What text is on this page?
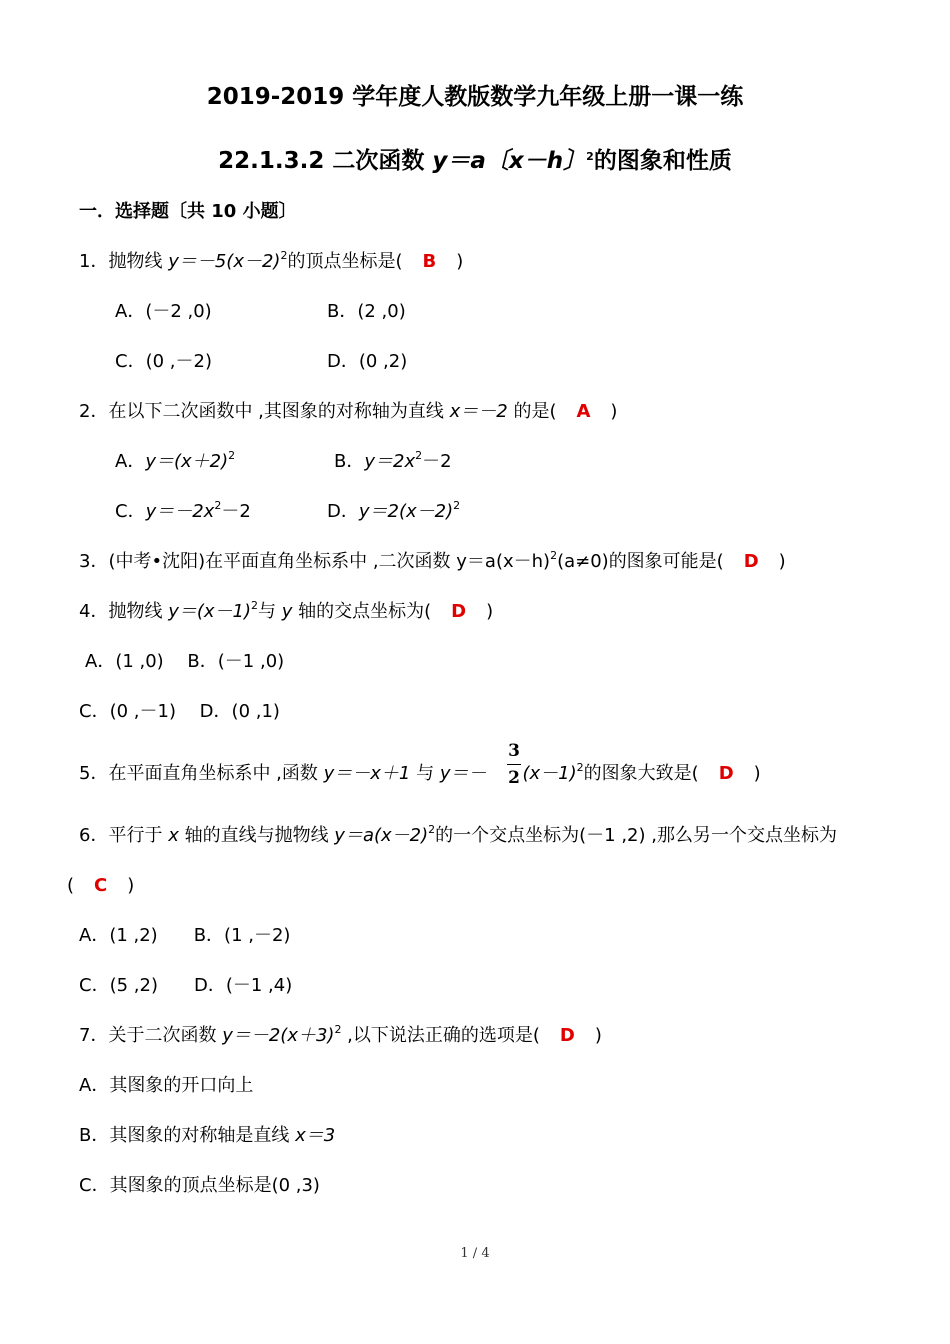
2019-2019 学年度人教版数学九年级上册一课一练
22.1.3.2 二次函数 y＝a〔x－h〕$^2$的图象和性质
一．选择题〔共 10 小题〕
1．抛物线 $y=-5(x-2)^2$的顶点坐标是( B )
A．(－2 ,0)	B．(2 ,0)
C．(0 ,－2)	D．(0 ,2)
2．在以下二次函数中 ,其图象的对称轴为直线 x＝－2 的是( A )
A．$y=(x+2)^2$	B．$y=2x^2-2$
C．$y=-2x^2-2$	D．$y=2(x-2)^2$
3．(中考•沈阳)在平面直角坐标系中 ,二次函数 $y=a(x-h)^2(a\ne 0)$的图象可能是( D )
4．抛物线 $y=(x-1)^2$与 y 轴的交点坐标为( D )
A．(1 ,0)　 B．(－1 ,0)
C．(0 ,－1)　 D．(0 ,1)
5．在平面直角坐标系中 ,函数 y＝－x＋1 与 $y=- (x-1)^2$的图象大致是( D )
3
2
6．平行于 x 轴的直线与抛物线 $y=a(x-2)^2$的一个交点坐标为(－1 ,2) ,那么另一个交点坐标为
( C )
A．(1 ,2)　　B．(1 ,－2)
C．(5 ,2)　　D．(－1 ,4)
7．关于二次函数 $y=-2(x+3)^2$ ,以下说法正确的选项是( D )
A．其图象的开口向上
B．其图象的对称轴是直线 x＝3
C．其图象的顶点坐标是(0 ,3)
1 / 4
